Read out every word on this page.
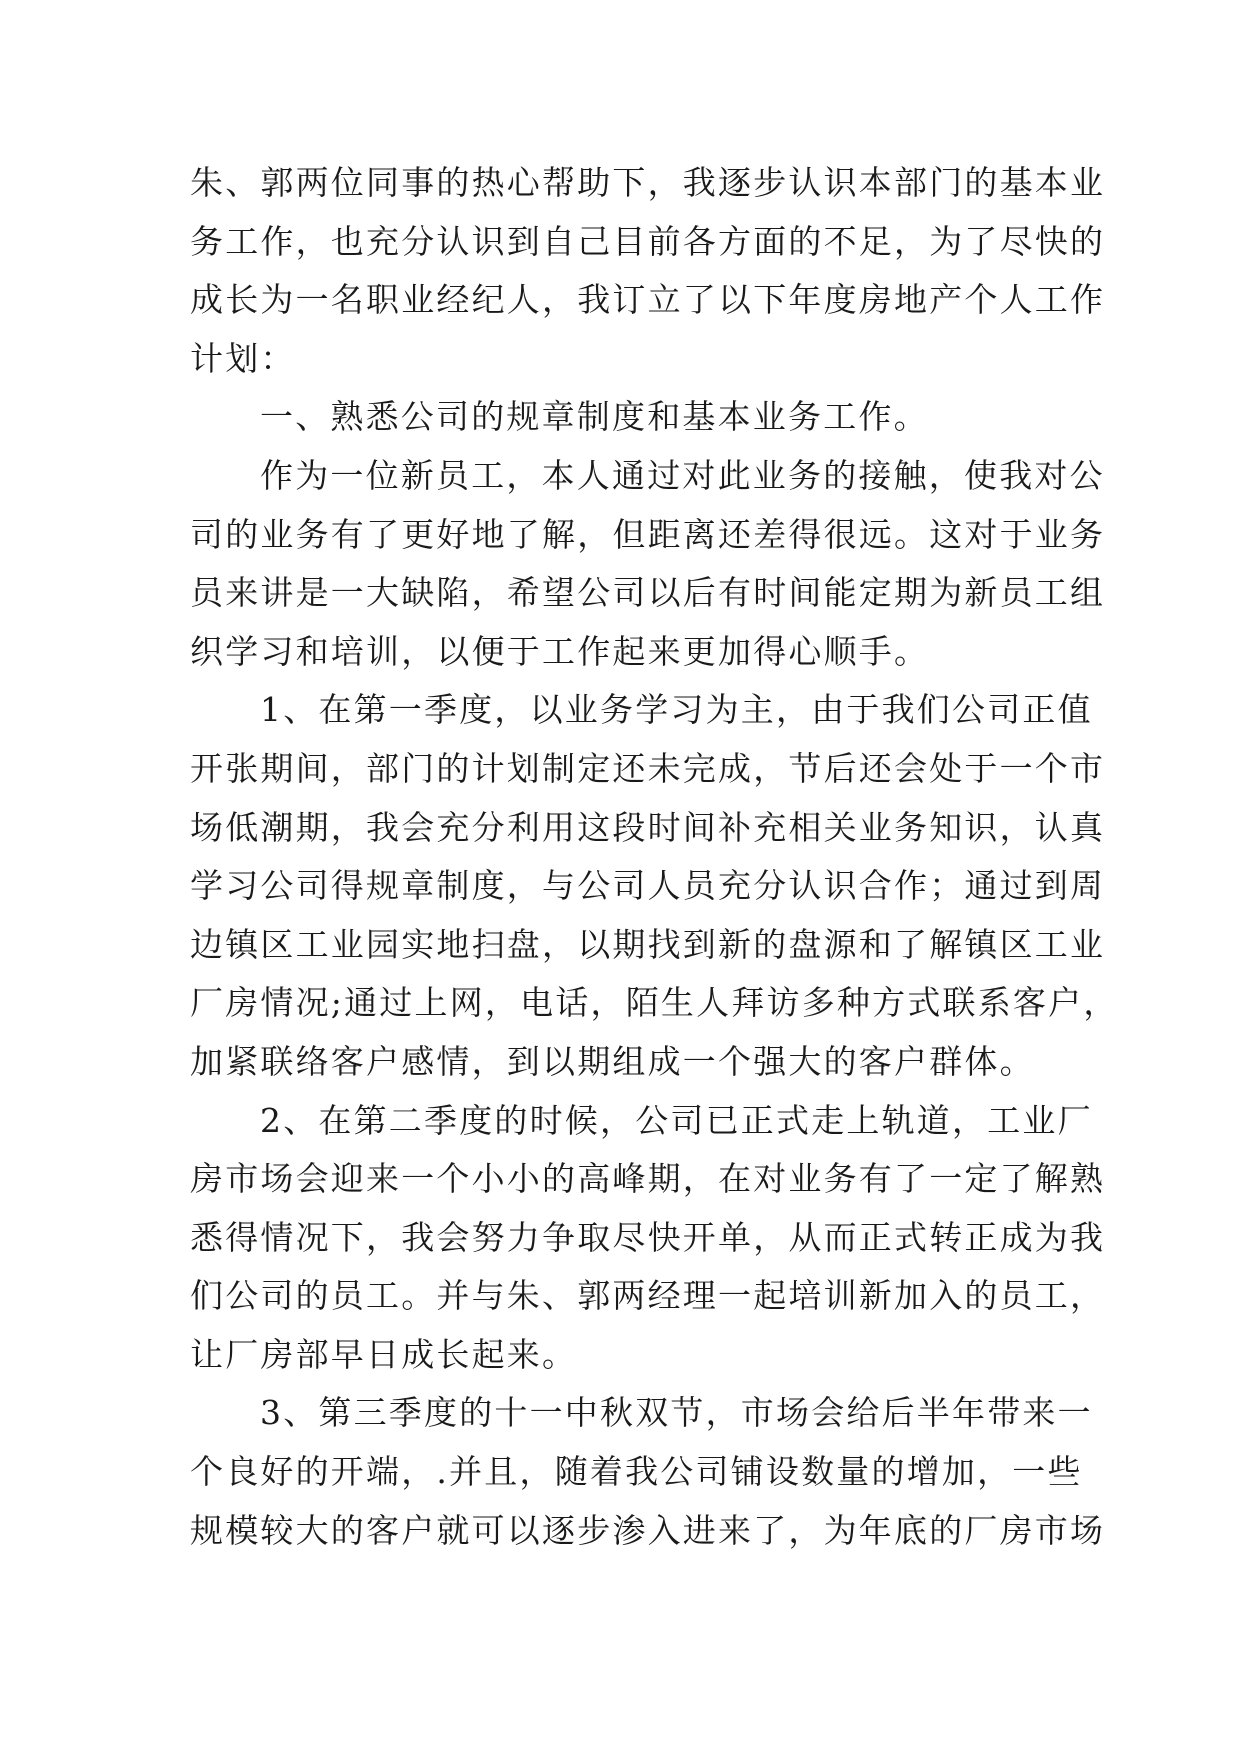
朱、郭两位同事的热心帮助下，我逐步认识本部门的基本业
务工作，也充分认识到自己目前各方面的不足，为了尽快的
成长为一名职业经纪人，我订立了以下年度房地产个人工作
计划：
一、熟悉公司的规章制度和基本业务工作。
作为一位新员工，本人通过对此业务的接触，使我对公
司的业务有了更好地了解，但距离还差得很远。这对于业务
员来讲是一大缺陷，希望公司以后有时间能定期为新员工组
织学习和培训，以便于工作起来更加得心顺手。
1、在第一季度，以业务学习为主，由于我们公司正值
开张期间，部门的计划制定还未完成，节后还会处于一个市
场低潮期，我会充分利用这段时间补充相关业务知识，认真
学习公司得规章制度，与公司人员充分认识合作；通过到周
边镇区工业园实地扫盘，以期找到新的盘源和了解镇区工业
厂房情况;通过上网，电话，陌生人拜访多种方式联系客户，
加紧联络客户感情，到以期组成一个强大的客户群体。
2、在第二季度的时候，公司已正式走上轨道，工业厂
房市场会迎来一个小小的高峰期，在对业务有了一定了解熟
悉得情况下，我会努力争取尽快开单，从而正式转正成为我
们公司的员工。并与朱、郭两经理一起培训新加入的员工，
让厂房部早日成长起来。
3、第三季度的十一中秋双节，市场会给后半年带来一
个良好的开端，.并且，随着我公司铺设数量的增加，一些
规模较大的客户就可以逐步渗入进来了，为年底的厂房市场
